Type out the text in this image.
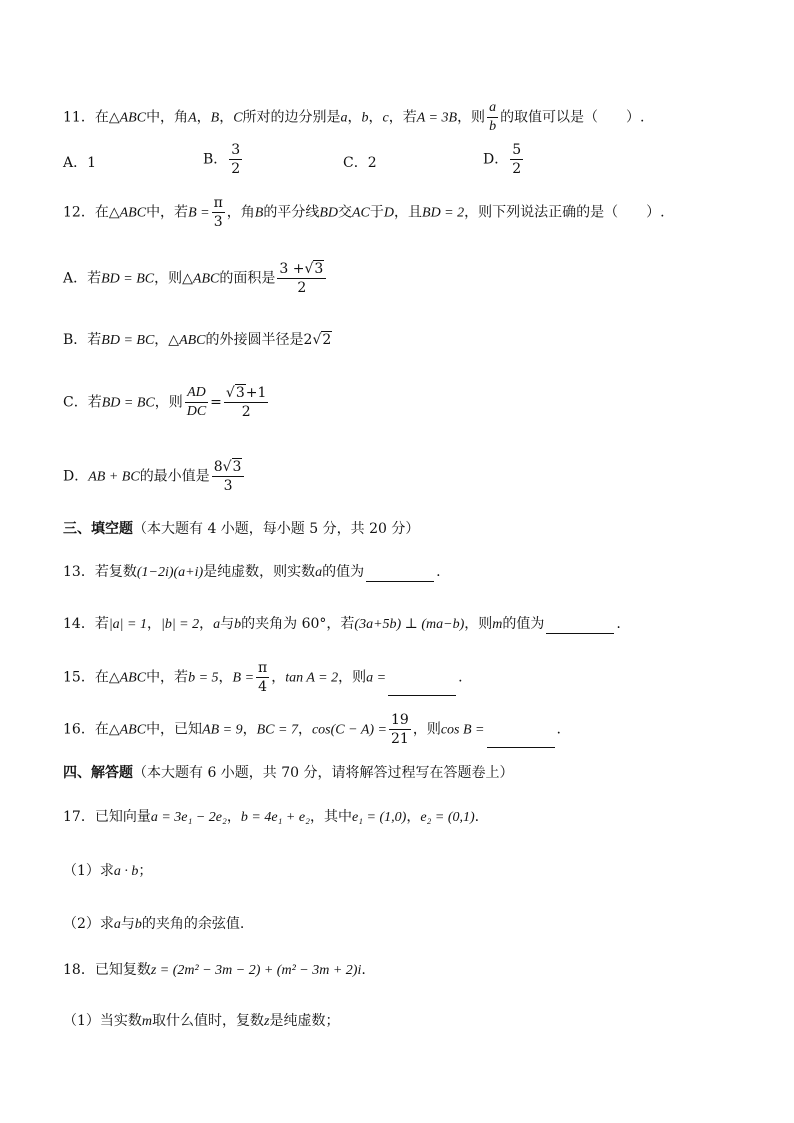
11．在△ABC中，角A，B，C所对的边分别是a，b，c，若A = 3B，则 $\frac{a}{b}$ 的取值可以是（　　）.
A．1	B． $\frac{3}{2}$	C．2	D． $\frac{5}{2}$
12．在△ABC中，若$B = \frac{\pi}{3}$ ，角B的平分线BD交AC于D，且BD = 2，则下列说法正确的是（　　）.
A．若BD = BC，则△ABC的面积是 $\frac{3 +√3}{2}$
B．若BD = BC，△ABC的外接圆半径是2√2
C．若BD = BC，则 $\frac{AD}{DC} = \frac{√3+1}{2}$
D．AB + BC的最小值是 $\frac{8√3}{3}$
三、填空题（本大题有 4 小题，每小题 5 分，共 20 分）
13．若复数(1−2i)(a+i)是纯虚数，则实数a的值为	.
14．若|a| = 1，|b| = 2，a与b的夹角为 60°，若(3a+5b) ⊥ (ma−b)，则m的值为	.
15．在△ABC中，若b = 5，$B = \frac{\pi}{4}$ ，tan A = 2，则a =	.
16．在△ABC中，已知AB = 9，BC = 7，$\cos(C - A) = \frac{19}{21}$ ，则cos B =	.
四、解答题（本大题有 6 小题，共 70 分，请将解答过程写在答题卷上）
17．已知向量a = 3e₁ − 2e₂，b = 4e₁ + e₂，其中e₁ = (1,0)，e₂ = (0,1).
（1）求a · b；
（2）求a与b的夹角的余弦值.
18．已知复数z = (2m² − 3m − 2) + (m² − 3m + 2)i.
（1）当实数m取什么值时，复数z是纯虚数；
